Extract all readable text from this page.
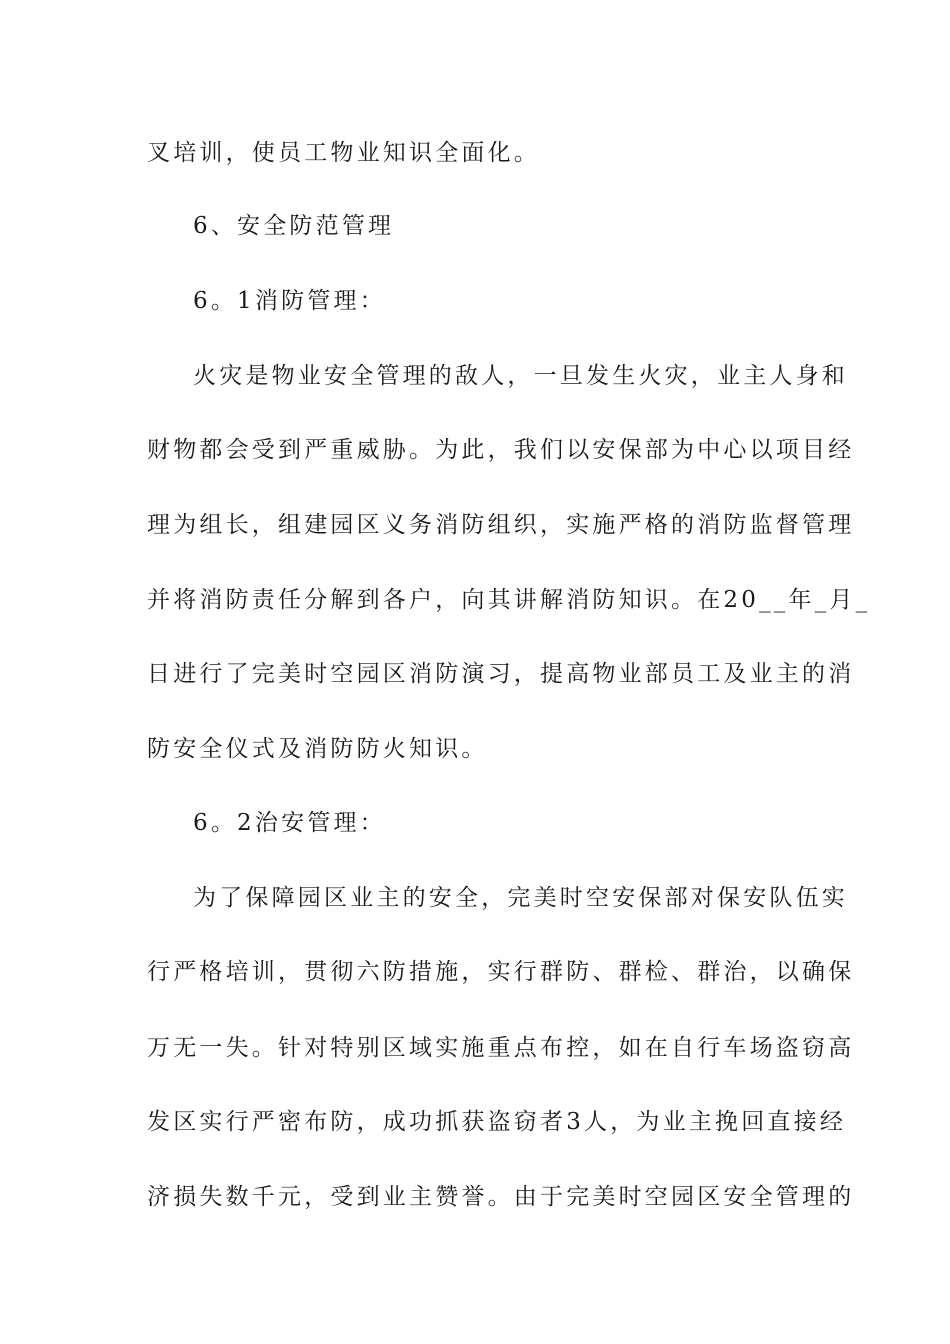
叉培训，使员工物业知识全面化。
6、安全防范管理
6。1消防管理：
火灾是物业安全管理的敌人，一旦发生火灾，业主人身和
财物都会受到严重威胁。为此，我们以安保部为中心以项目经
理为组长，组建园区义务消防组织，实施严格的消防监督管理
并将消防责任分解到各户，向其讲解消防知识。在20__年_月_
日进行了完美时空园区消防演习，提高物业部员工及业主的消
防安全仪式及消防防火知识。
6。2治安管理：
为了保障园区业主的安全，完美时空安保部对保安队伍实
行严格培训，贯彻六防措施，实行群防、群检、群治，以确保
万无一失。针对特别区域实施重点布控，如在自行车场盗窃高
发区实行严密布防，成功抓获盗窃者3人，为业主挽回直接经
济损失数千元，受到业主赞誉。由于完美时空园区安全管理的
